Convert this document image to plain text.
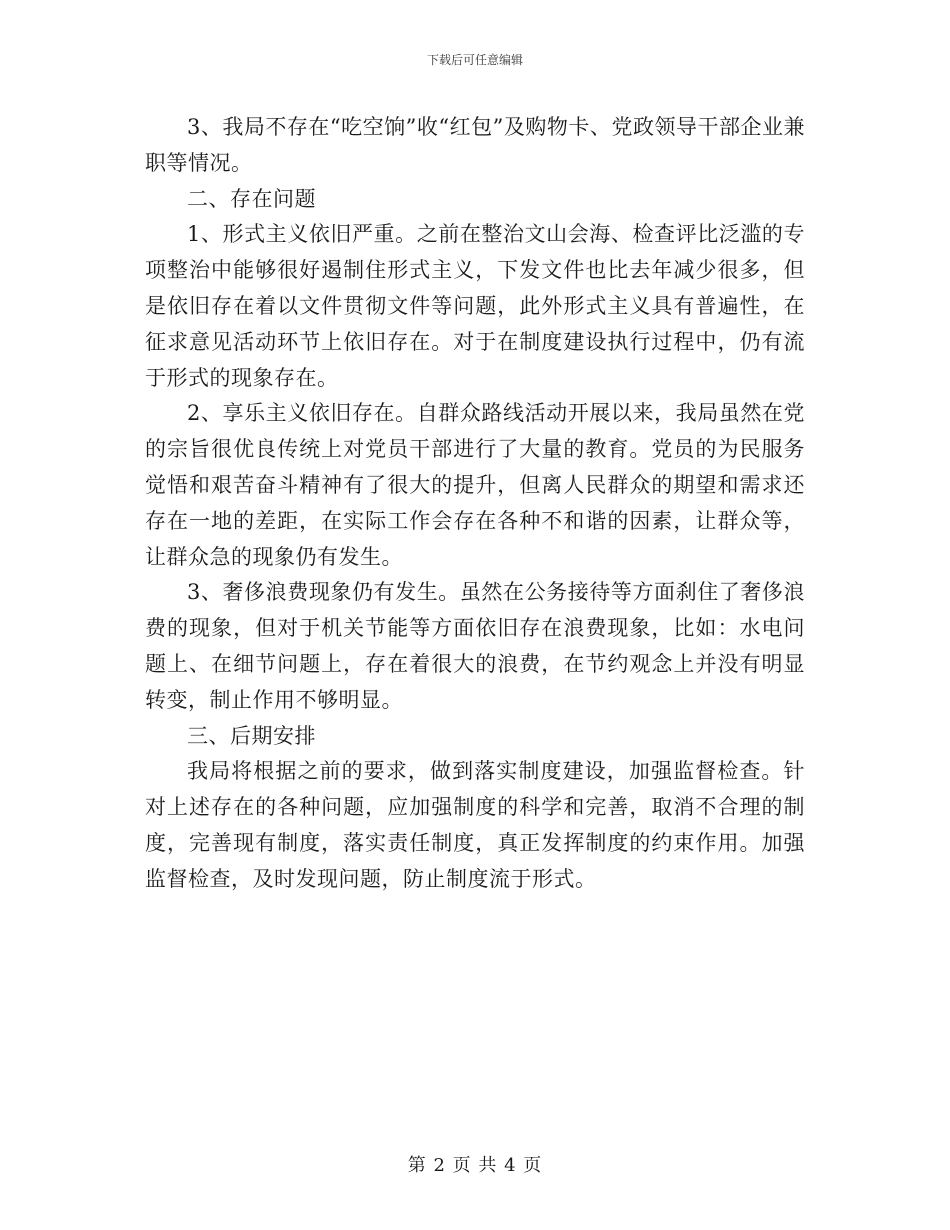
下载后可任意编辑

3、我局不存在“吃空饷”收“红包”及购物卡、党政领导干部企业兼职等情况。

二、存在问题

1、形式主义依旧严重。之前在整治文山会海、检查评比泛滥的专项整治中能够很好遏制住形式主义，下发文件也比去年减少很多，但是依旧存在着以文件贯彻文件等问题，此外形式主义具有普遍性，在征求意见活动环节上依旧存在。对于在制度建设执行过程中，仍有流于形式的现象存在。

2、享乐主义依旧存在。自群众路线活动开展以来，我局虽然在党的宗旨很优良传统上对党员干部进行了大量的教育。党员的为民服务觉悟和艰苦奋斗精神有了很大的提升，但离人民群众的期望和需求还存在一地的差距，在实际工作会存在各种不和谐的因素，让群众等，让群众急的现象仍有发生。

3、奢侈浪费现象仍有发生。虽然在公务接待等方面刹住了奢侈浪费的现象，但对于机关节能等方面依旧存在浪费现象，比如：水电问题上、在细节问题上，存在着很大的浪费，在节约观念上并没有明显转变，制止作用不够明显。

三、后期安排

我局将根据之前的要求，做到落实制度建设，加强监督检查。针对上述存在的各种问题，应加强制度的科学和完善，取消不合理的制度，完善现有制度，落实责任制度，真正发挥制度的约束作用。加强监督检查，及时发现问题，防止制度流于形式。

第 2 页 共 4 页
